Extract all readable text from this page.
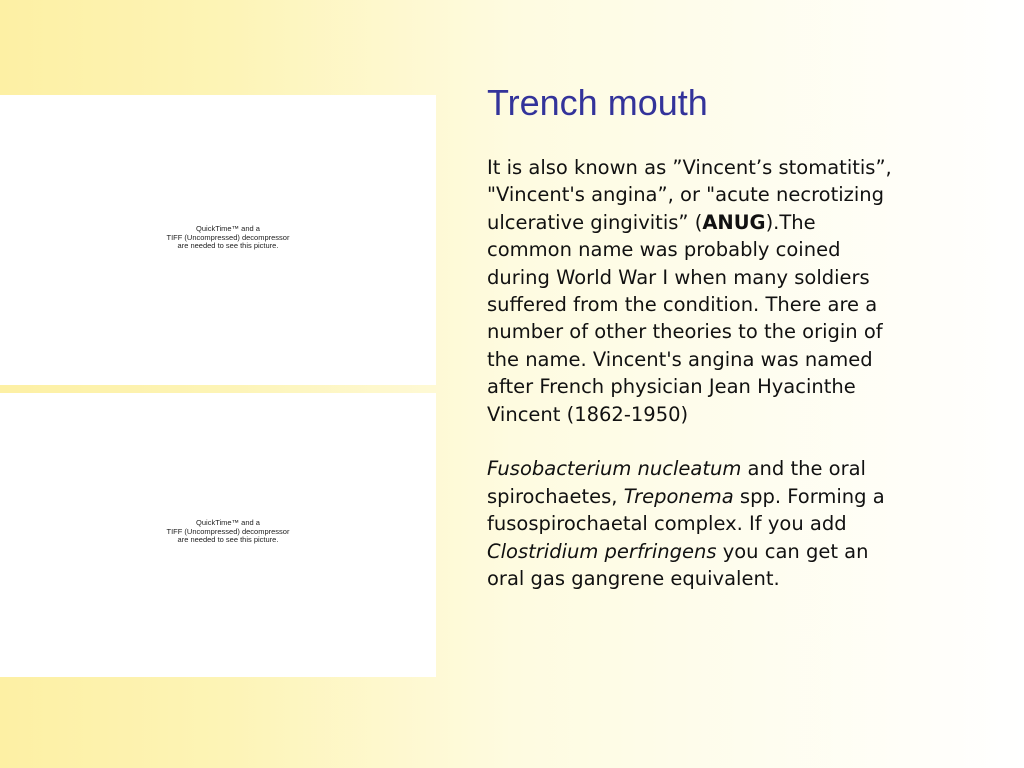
QuickTime™ and a
TIFF (Uncompressed) decompressor
are needed to see this picture.
QuickTime™ and a
TIFF (Uncompressed) decompressor
are needed to see this picture.
Trench mouth

It is also known as ”Vincent’s stomatitis”,
"Vincent's angina”, or "acute necrotizing
ulcerative gingivitis” (ANUG).The
common name was probably coined
during World War I when many soldiers
suffered from the condition. There are a
number of other theories to the origin of
the name. Vincent's angina was named
after French physician Jean Hyacinthe
Vincent (1862-1950)

Fusobacterium nucleatum and the oral
spirochaetes, Treponema spp. Forming a
fusospirochaetal complex. If you add
Clostridium perfringens you can get an
oral gas gangrene equivalent.
